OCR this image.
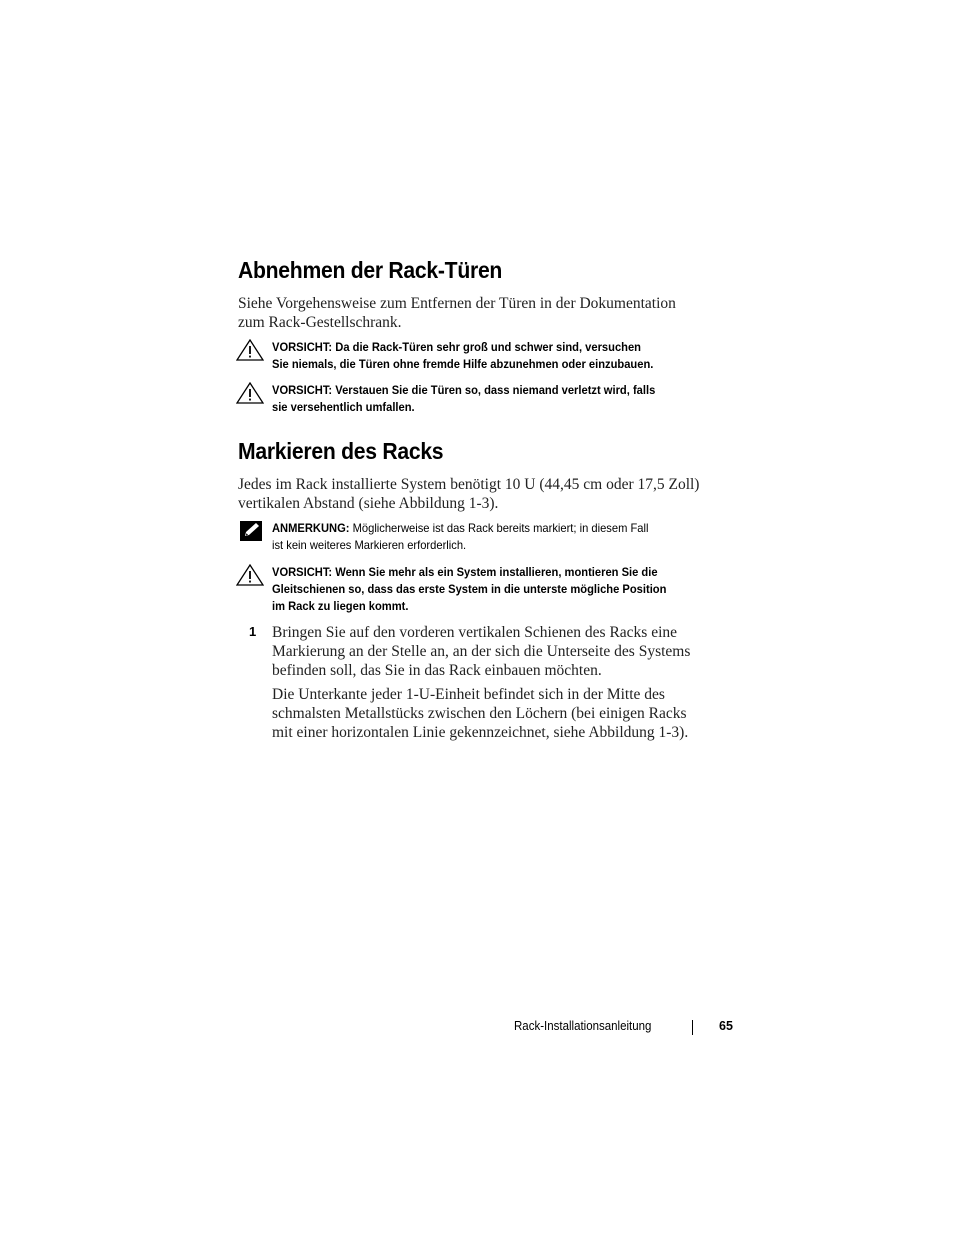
Abnehmen der Rack-Türen

Siehe Vorgehensweise zum Entfernen der Türen in der Dokumentation
zum Rack-Gestellschrank.

VORSICHT: Da die Rack-Türen sehr groß und schwer sind, versuchen
Sie niemals, die Türen ohne fremde Hilfe abzunehmen oder einzubauen.
VORSICHT: Verstauen Sie die Türen so, dass niemand verletzt wird, falls
sie versehentlich umfallen.
Markieren des Racks

Jedes im Rack installierte System benötigt 10 U (44,45 cm oder 17,5 Zoll)
vertikalen Abstand (siehe Abbildung 1-3).

ANMERKUNG: Möglicherweise ist das Rack bereits markiert; in diesem Fall
ist kein weiteres Markieren erforderlich.
VORSICHT: Wenn Sie mehr als ein System installieren, montieren Sie die
Gleitschienen so, dass das erste System in die unterste mögliche Position
im Rack zu liegen kommt.
1 Bringen Sie auf den vorderen vertikalen Schienen des Racks eine
Markierung an der Stelle an, an der sich die Unterseite des Systems
befinden soll, das Sie in das Rack einbauen möchten.

Die Unterkante jeder 1-U-Einheit befindet sich in der Mitte des
schmalsten Metallstücks zwischen den Löchern (bei einigen Racks
mit einer horizontalen Linie gekennzeichnet, siehe Abbildung 1-3).

Rack-Installationsanleitung	65
